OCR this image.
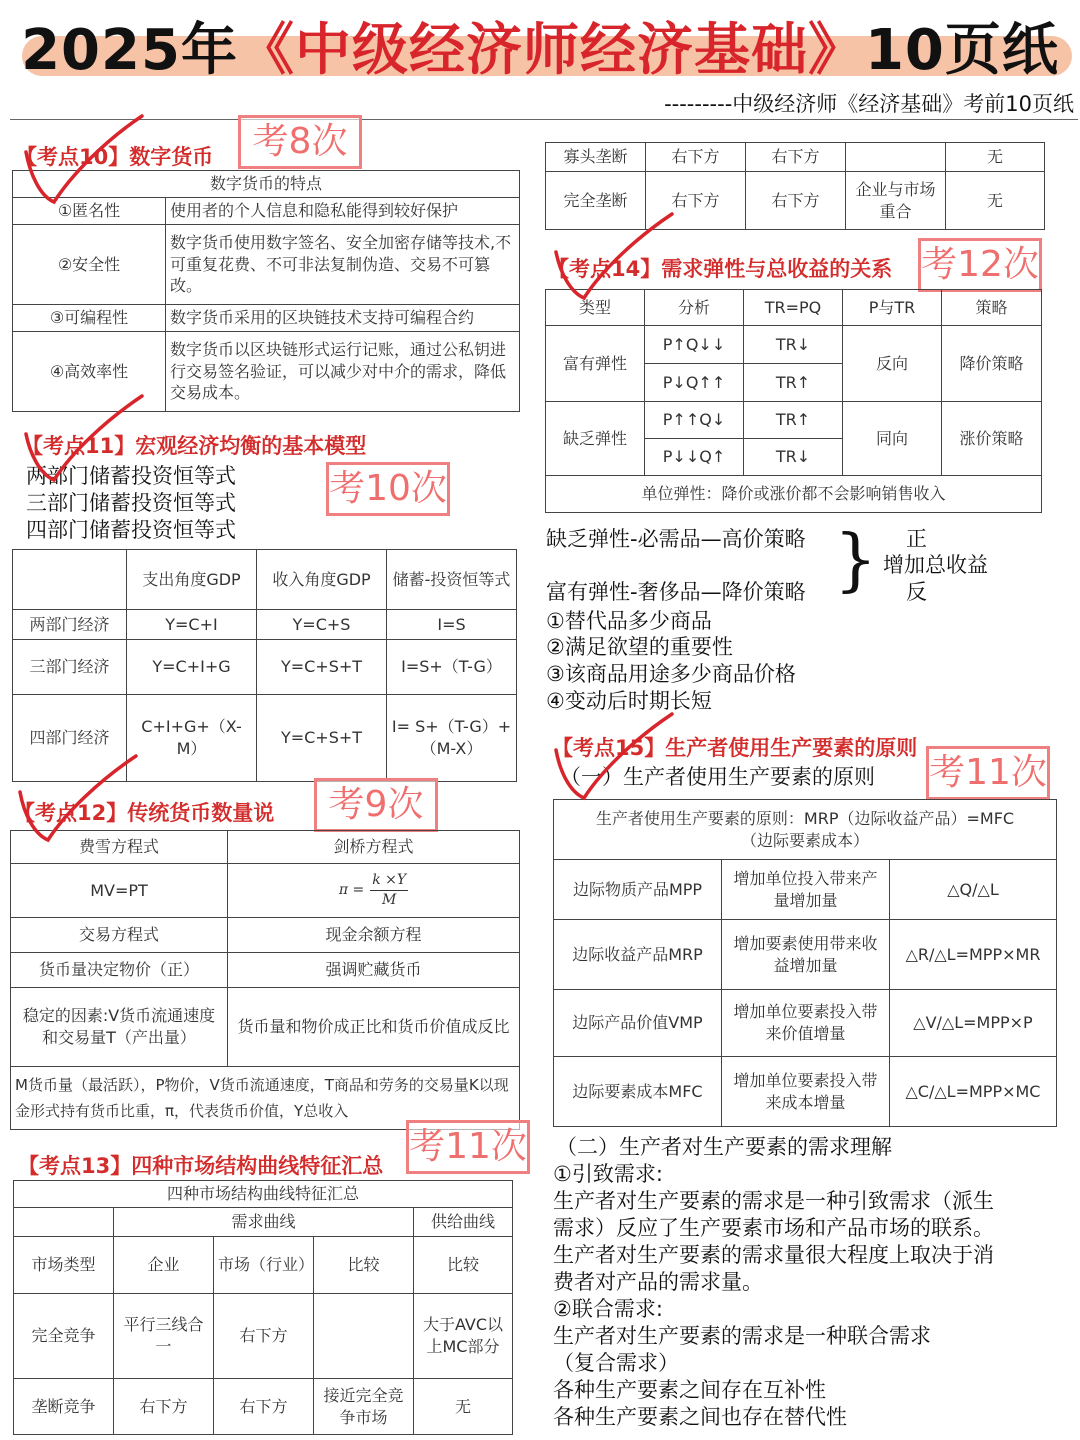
2025年《中级经济师经济基础》10页纸
---------中级经济师《经济基础》考前10页纸
【考点10】数字货币	考8次
数字货币的特点	
①匿名性	使用者的个人信息和隐私能得到较好保护
②安全性	数字货币使用数字签名、安全加密存储等技术,不可重复花费、不可非法复制伪造、交易不可篡改。
③可编程性	数字货币采用的区块链技术支持可编程合约
④高效率性	数字货币以区块链形式运行记账，通过公私钥进行交易签名验证，可以减少对中介的需求，降低交易成本。
【考点11】宏观经济均衡的基本模型
两部门储蓄投资恒等式
三部门储蓄投资恒等式
四部门储蓄投资恒等式
考10次
	支出角度GDP	收入角度GDP	储蓄-投资恒等式
两部门经济	Y=C+I	Y=C+S	I=S
三部门经济	Y=C+I+G	Y=C+S+T	I=S+（T-G）
四部门经济	C+I+G+（X-M）	Y=C+S+T	I= S+（T-G）+（M-X）
【考点12】传统货币数量说	考9次
费雪方程式	剑桥方程式
MV=PT	$\pi = \frac{k \times Y}{M}$

交易方程式	现金余额方程
货币量决定物价（正）	强调贮藏货币
稳定的因素:V货币流通速度和交易量T（产出量）	货币量和物价成正比和货币价值成反比
M货币量（最活跃），P物价，V货币流通速度，T商品和劳务的交易量K以现金形式持有货币比重，π，代表货币价值，Y总收入	
【考点13】四种市场结构曲线特征汇总 考11次
四种市场结构曲线特征汇总				
	需求曲线			供给曲线
市场类型	企业	市场（行业）	比较	比较
完全竞争	平行三线合一	右下方		大于AVC以上MC部分
垄断竞争	右下方	右下方	接近完全竞争市场	无
寡头垄断	右下方	右下方		无
完全垄断	右下方	右下方	企业与市场重合	无
【考点14】需求弹性与总收益的关系 考12次
类型	分析	TR=PQ	P与TR	策略
富有弹性	P↑Q↓↓	TR↓	反向	降价策略
	P↓Q↑↑	TR↑		
缺乏弹性	P↑↑Q↓	TR↑	同向	涨价策略
	P↓↓Q↑	TR↓		
单位弹性：降价或涨价都不会影响销售收入				
缺乏弹性-必需品—高价策略
富有弹性-奢侈品—降价策略 } 正
增加总收益
反
①替代品多少商品
②满足欲望的重要性
③该商品用途多少商品价格
④变动后时期长短
【考点15】生产者使用生产要素的原则
（一）生产者使用生产要素的原则 考11次
生产者使用生产要素的原则：MRP（边际收益产品）=MFC（边际要素成本）		
边际物质产品MPP	增加单位投入带来产量增加量	△Q/△L
边际收益产品MRP	增加要素使用带来收益增加量	△R/△L=MPP×MR
边际产品价值VMP	增加单位要素投入带来价值增量	△V/△L=MPP×P
边际要素成本MFC	增加单位要素投入带来成本增量	△C/△L=MPP×MC
（二）生产者对生产要素的需求理解
①引致需求:
生产者对生产要素的需求是一种引致需求（派生
需求）反应了生产要素市场和产品市场的联系。
生产者对生产要素的需求量很大程度上取决于消
费者对产品的需求量。
②联合需求:
生产者对生产要素的需求是一种联合需求
（复合需求）
各种生产要素之间存在互补性
各种生产要素之间也存在替代性
